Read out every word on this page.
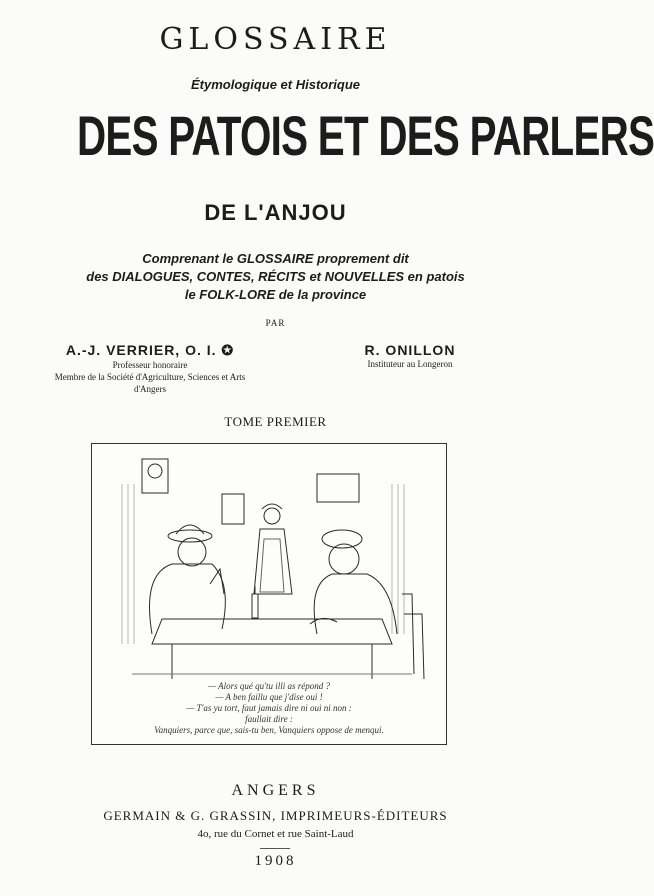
GLOSSAIRE
Étymologique et Historique
DES PATOIS ET DES PARLERS
DE L'ANJOU
Comprenant le GLOSSAIRE proprement dit
des DIALOGUES, CONTES, RÉCITS et NOUVELLES en patois
le FOLK-LORE de la province
PAR
A.-J. VERRIER, O. I. ✪
Professeur honoraire
Membre de la Société d'Agriculture, Sciences et Arts
d'Angers
R. ONILLON
Instituteur au Longeron
TOME PREMIER
— Alors qué qu'tu illi as répond ?
— A ben faillu que j'dise oui !
— T'as yu tort, faut jamais dire ni oui ni non :
faullait dire :
Vanquiers, parce que, sais-tu ben, Vanquiers oppose de menqui.
ANGERS
GERMAIN & G. GRASSIN, IMPRIMEURS-ÉDITEURS
4o, rue du Cornet et rue Saint-Laud
1908
